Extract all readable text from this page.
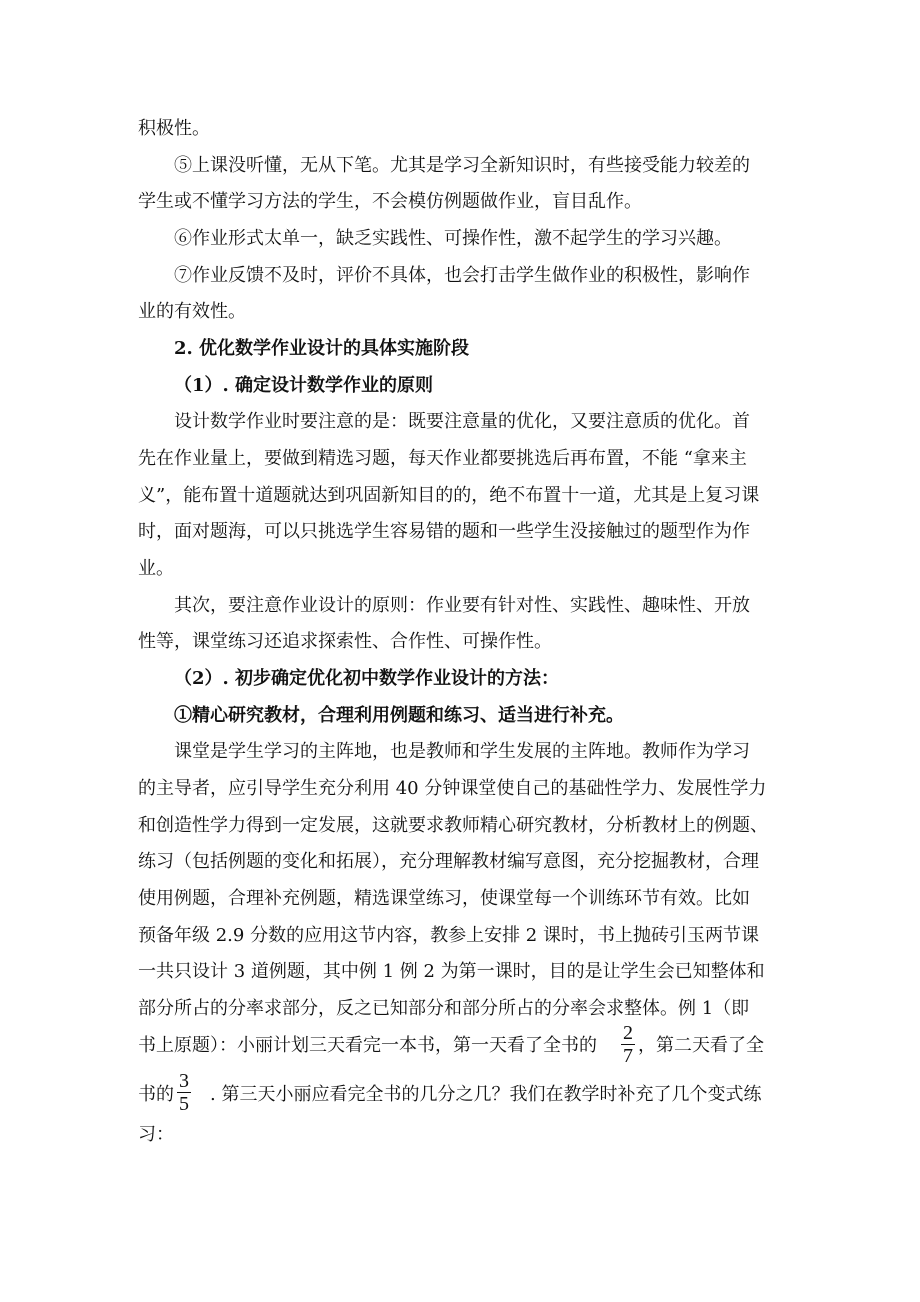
积极性。
⑤上课没听懂，无从下笔。尤其是学习全新知识时，有些接受能力较差的
学生或不懂学习方法的学生，不会模仿例题做作业，盲目乱作。
⑥作业形式太单一，缺乏实践性、可操作性，激不起学生的学习兴趣。
⑦作业反馈不及时，评价不具体，也会打击学生做作业的积极性，影响作
业的有效性。
2. 优化数学作业设计的具体实施阶段
（1）. 确定设计数学作业的原则
设计数学作业时要注意的是：既要注意量的优化，又要注意质的优化。首
先在作业量上，要做到精选习题，每天作业都要挑选后再布置，不能 “拿来主
义”，能布置十道题就达到巩固新知目的的，绝不布置十一道，尤其是上复习课
时，面对题海，可以只挑选学生容易错的题和一些学生没接触过的题型作为作
业。
其次，要注意作业设计的原则：作业要有针对性、实践性、趣味性、开放
性等，课堂练习还追求探索性、合作性、可操作性。
（2）. 初步确定优化初中数学作业设计的方法：
①精心研究教材，合理利用例题和练习、适当进行补充。
课堂是学生学习的主阵地，也是教师和学生发展的主阵地。教师作为学习
的主导者，应引导学生充分利用 40 分钟课堂使自己的基础性学力、发展性学力
和创造性学力得到一定发展，这就要求教师精心研究教材，分析教材上的例题、
练习（包括例题的变化和拓展），充分理解教材编写意图，充分挖掘教材，合理
使用例题，合理补充例题，精选课堂练习，使课堂每一个训练环节有效。比如
预备年级 2.9 分数的应用这节内容，教参上安排 2 课时，书上抛砖引玉两节课
一共只设计 3 道例题，其中例 1 例 2 为第一课时，目的是让学生会已知整体和
部分所占的分率求部分，反之已知部分和部分所占的分率会求整体。例 1（即
书上原题）：小丽计划三天看完一本书，第一天看了全书的
2
7 ，第二天看了全
书的
3
5 . 第三天小丽应看完全书的几分之几？我们在教学时补充了几个变式练
习：
